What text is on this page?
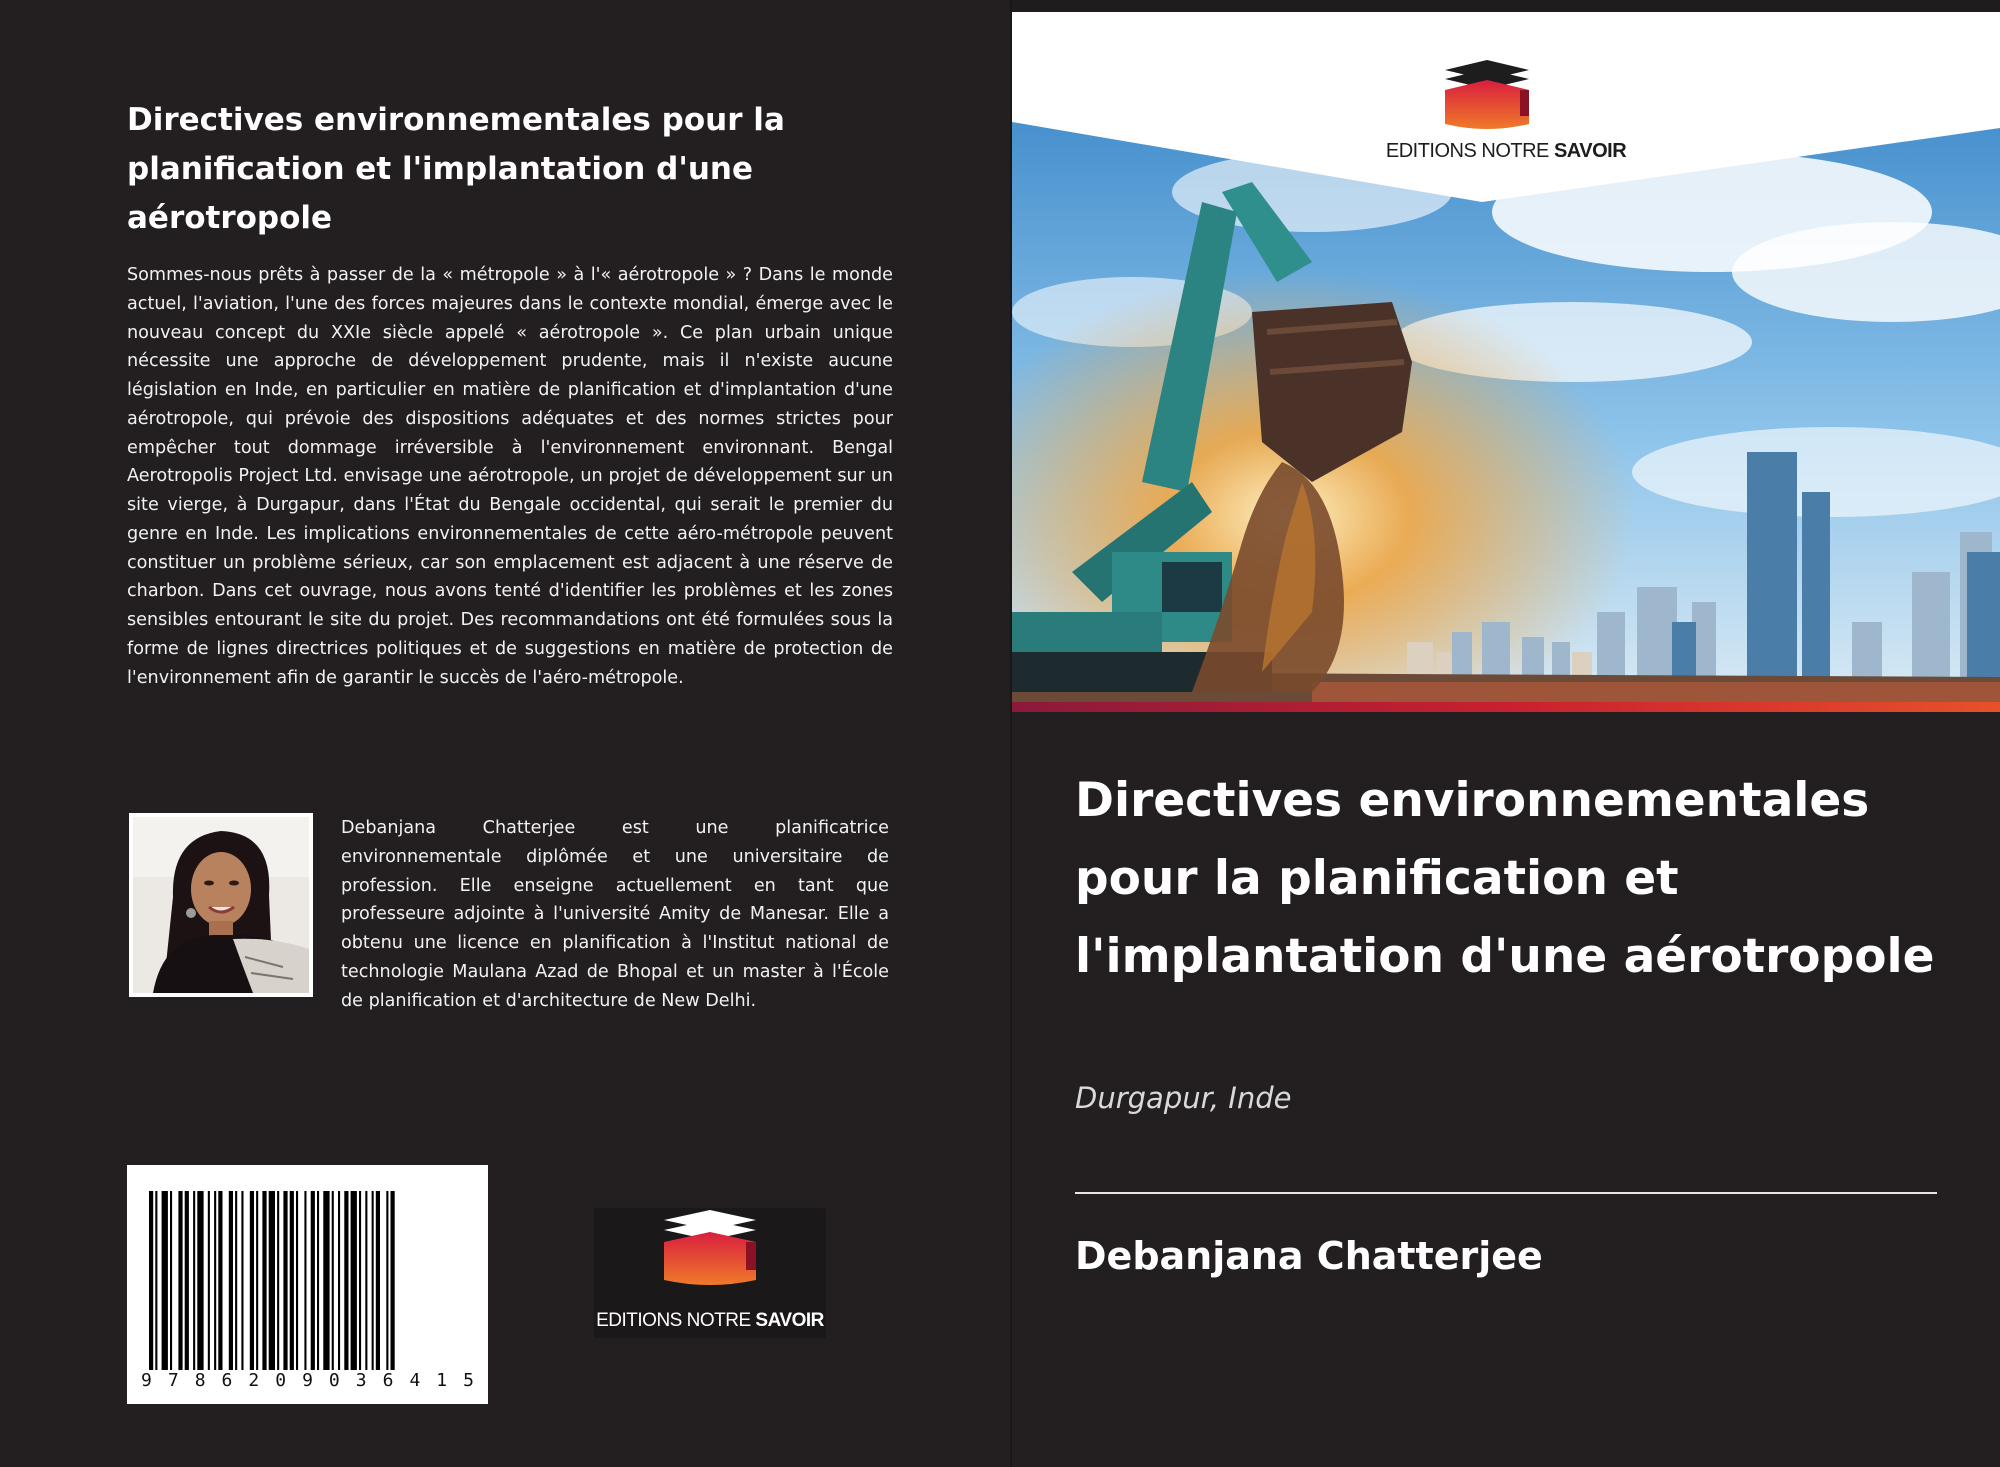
Directives environnementales pour la planification et l'implantation d'une aérotropole

Sommes-nous prêts à passer de la « métropole » à l'« aérotropole » ? Dans le monde actuel, l'aviation, l'une des forces majeures dans le contexte mondial, émerge avec le nouveau concept du XXIe siècle appelé « aérotropole ». Ce plan urbain unique nécessite une approche de développement prudente, mais il n'existe aucune législation en Inde, en particulier en matière de planification et d'implantation d'une aérotropole, qui prévoie des dispositions adéquates et des normes strictes pour empêcher tout dommage irréversible à l'environnement environnant. Bengal Aerotropolis Project Ltd. envisage une aérotropole, un projet de développement sur un site vierge, à Durgapur, dans l'État du Bengale occidental, qui serait le premier du genre en Inde. Les implications environnementales de cette aéro-métropole peuvent constituer un problème sérieux, car son emplacement est adjacent à une réserve de charbon. Dans cet ouvrage, nous avons tenté d'identifier les problèmes et les zones sensibles entourant le site du projet. Des recommandations ont été formulées sous la forme de lignes directrices politiques et de suggestions en matière de protection de l'environnement afin de garantir le succès de l'aéro-métropole.

Debanjana Chatterjee est une planificatrice environnementale diplômée et une universitaire de profession. Elle enseigne actuellement en tant que professeure adjointe à l'université Amity de Manesar. Elle a obtenu une licence en planification à l'Institut national de technologie Maulana Azad de Bhopal et un master à l'École de planification et d'architecture de New Delhi.

9 7 8 6 2 0 9 0 3 6 4 1 5
EDITIONS NOTRE SAVOIR
EDITIONS NOTRE SAVOIR
Directives environnementales pour la planification et l'implantation d'une aérotropole

Durgapur, Inde

Debanjana Chatterjee
